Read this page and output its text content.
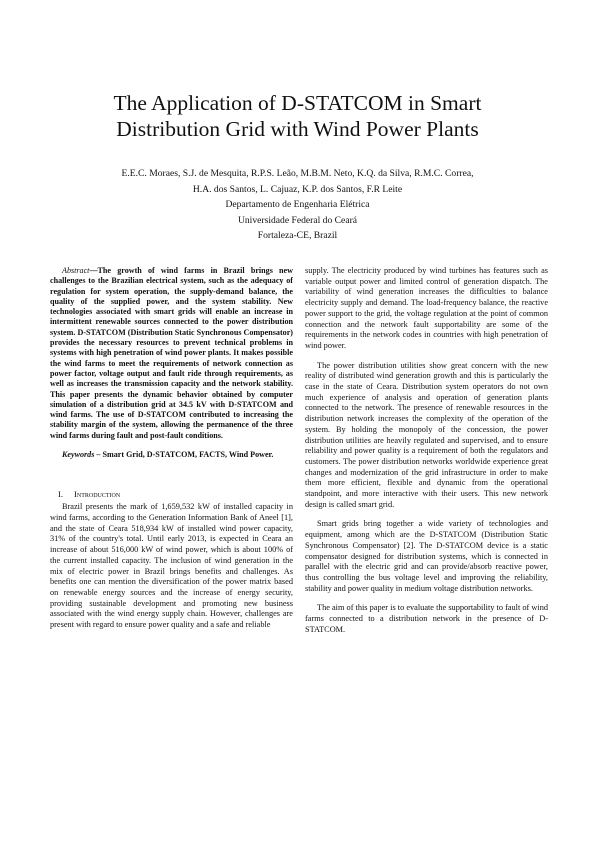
The Application of D-STATCOM in Smart
Distribution Grid with Wind Power Plants
E.E.C. Moraes, S.J. de Mesquita, R.P.S. Leão, M.B.M. Neto, K.Q. da Silva, R.M.C. Correa,
H.A. dos Santos, L. Cajuaz, K.P. dos Santos, F.R Leite
Departamento de Engenharia Elétrica
Universidade Federal do Ceará
Fortaleza-CE, Brazil

Abstract—The growth of wind farms in Brazil brings new challenges to the Brazilian electrical system, such as the adequacy of regulation for system operation, the supply-demand balance, the quality of the supplied power, and the system stability. New technologies associated with smart grids will enable an increase in intermittent renewable sources connected to the power distribution system. D-STATCOM (Distribution Static Synchronous Compensator) provides the necessary resources to prevent technical problems in systems with high penetration of wind power plants. It makes possible the wind farms to meet the requirements of network connection as power factor, voltage output and fault ride through requirements, as well as increases the transmission capacity and the network stability. This paper presents the dynamic behavior obtained by computer simulation of a distribution grid at 34.5 kV with D-STATCOM and wind farms. The use of D-STATCOM contributed to increasing the stability margin of the system, allowing the permanence of the three wind farms during fault and post-fault conditions.

Keywords – Smart Grid, D-STATCOM, FACTS, Wind Power.

I. Introduction

Brazil presents the mark of 1,659,532 kW of installed capacity in wind farms, according to the Generation Information Bank of Aneel [1], and the state of Ceara 518,934 kW of installed wind power capacity, 31% of the country's total. Until early 2013, is expected in Ceara an increase of about 516,000 kW of wind power, which is about 100% of the current installed capacity. The inclusion of wind generation in the mix of electric power in Brazil brings benefits and challenges. As benefits one can mention the diversification of the power matrix based on renewable energy sources and the increase of energy security, providing sustainable development and promoting new business associated with the wind energy supply chain. However, challenges are present with regard to ensure power quality and a safe and reliable

supply. The electricity produced by wind turbines has features such as variable output power and limited control of generation dispatch. The variability of wind generation increases the difficulties to balance electricity supply and demand. The load-frequency balance, the reactive power support to the grid, the voltage regulation at the point of common connection and the network fault supportability are some of the requirements in the network codes in countries with high penetration of wind power.

The power distribution utilities show great concern with the new reality of distributed wind generation growth and this is particularly the case in the state of Ceara. Distribution system operators do not own much experience of analysis and operation of generation plants connected to the network. The presence of renewable resources in the distribution network increases the complexity of the operation of the system. By holding the monopoly of the concession, the power distribution utilities are heavily regulated and supervised, and to ensure reliability and power quality is a requirement of both the regulators and customers. The power distribution networks worldwide experience great changes and modernization of the grid infrastructure in order to make them more efficient, flexible and dynamic from the operational standpoint, and more interactive with their users. This new network design is called smart grid.

Smart grids bring together a wide variety of technologies and equipment, among which are the D-STATCOM (Distribution Static Synchronous Compensator) [2]. The D-STATCOM device is a static compensator designed for distribution systems, which is connected in parallel with the electric grid and can provide/absorb reactive power, thus controlling the bus voltage level and improving the reliability, stability and power quality in medium voltage distribution networks.

The aim of this paper is to evaluate the supportability to fault of wind farms connected to a distribution network in the presence of D-STATCOM.
